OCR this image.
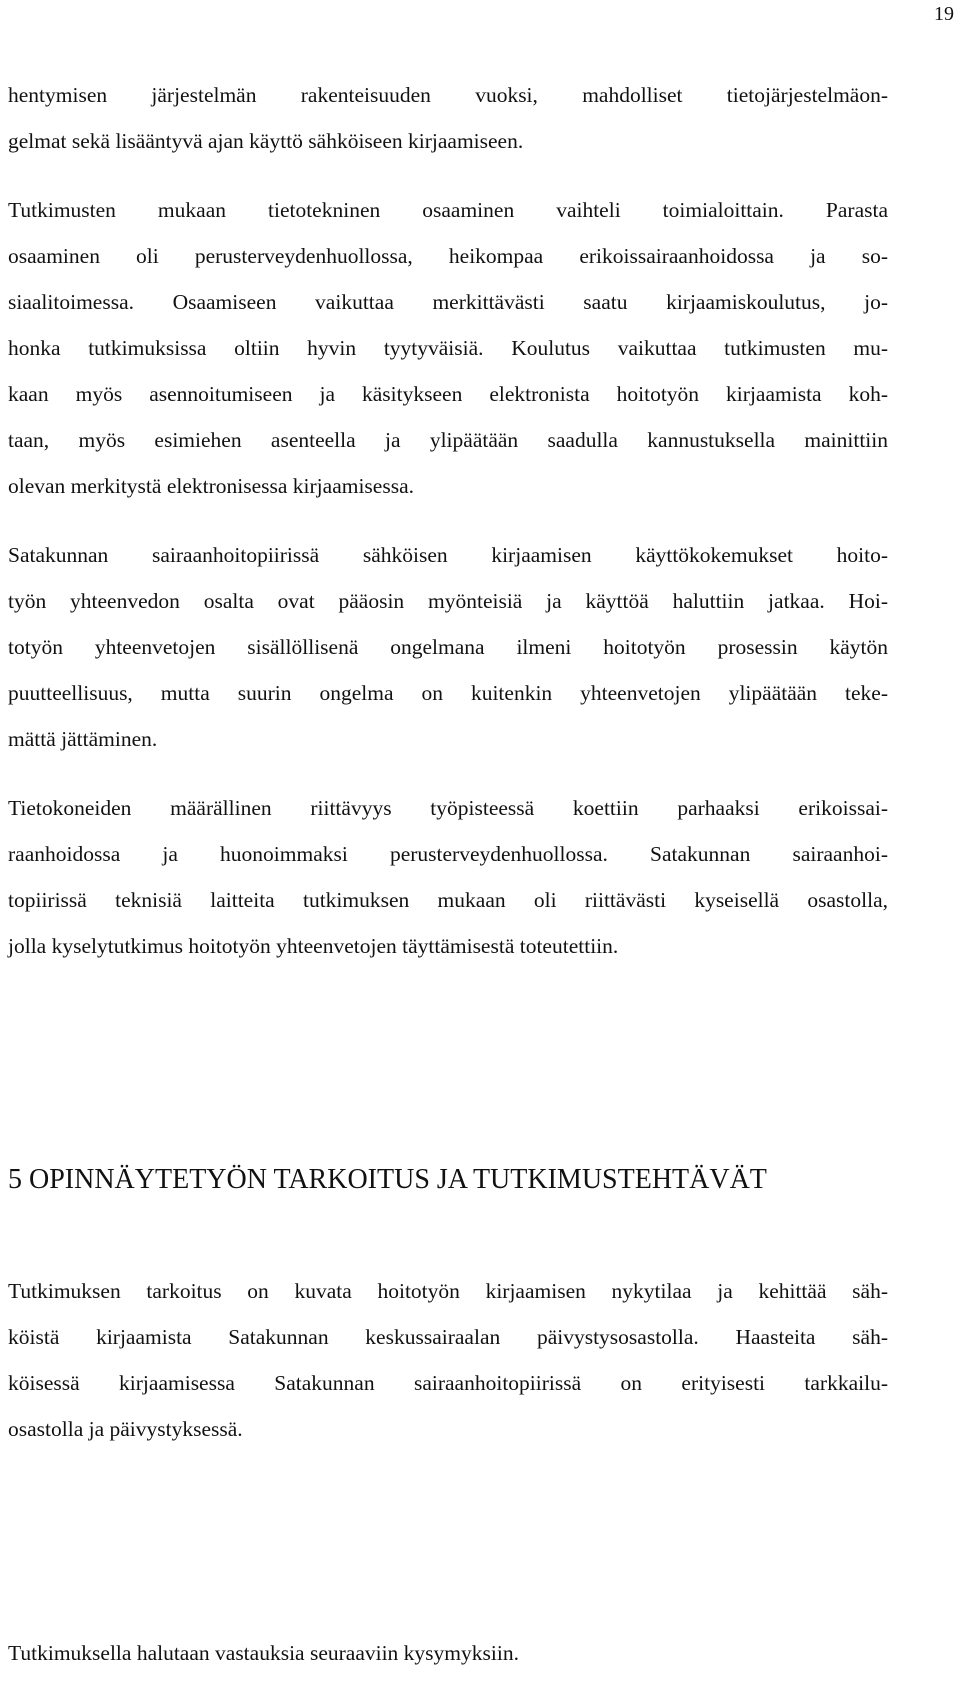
19
hentymisen järjestelmän rakenteisuuden vuoksi, mahdolliset tietojärjestelmäon-
gelmat sekä lisääntyvä ajan käyttö sähköiseen kirjaamiseen.
Tutkimusten mukaan tietotekninen osaaminen vaihteli toimialoittain. Parasta
osaaminen oli perusterveydenhuollossa, heikompaa erikoissairaanhoidossa ja so-
siaalitoimessa. Osaamiseen vaikuttaa merkittävästi saatu kirjaamiskoulutus, jo-
honka tutkimuksissa oltiin hyvin tyytyväisiä. Koulutus vaikuttaa tutkimusten mu-
kaan myös asennoitumiseen ja käsitykseen elektronista hoitotyön kirjaamista koh-
taan, myös esimiehen asenteella ja ylipäätään saadulla kannustuksella mainittiin
olevan merkitystä elektronisessa kirjaamisessa.
Satakunnan sairaanhoitopiirissä sähköisen kirjaamisen käyttökokemukset hoito-
työn yhteenvedon osalta ovat pääosin myönteisiä ja käyttöä haluttiin jatkaa. Hoi-
totyön yhteenvetojen sisällöllisenä ongelmana ilmeni hoitotyön prosessin käytön
puutteellisuus, mutta suurin ongelma on kuitenkin yhteenvetojen ylipäätään teke-
mättä jättäminen.
Tietokoneiden määrällinen riittävyys työpisteessä koettiin parhaaksi erikoissai-
raanhoidossa ja huonoimmaksi perusterveydenhuollossa. Satakunnan sairaanhoi-
topiirissä teknisiä laitteita tutkimuksen mukaan oli riittävästi kyseisellä osastolla,
jolla kyselytutkimus hoitotyön yhteenvetojen täyttämisestä toteutettiin.
5 OPINNÄYTETYÖN TARKOITUS JA TUTKIMUSTEHTÄVÄT
Tutkimuksen tarkoitus on kuvata hoitotyön kirjaamisen nykytilaa ja kehittää säh-
köistä kirjaamista Satakunnan keskussairaalan päivystysosastolla. Haasteita säh-
köisessä kirjaamisessa Satakunnan sairaanhoitopiirissä on erityisesti tarkkailu-
osastolla ja päivystyksessä.
Tutkimuksella halutaan vastauksia seuraaviin kysymyksiin.
